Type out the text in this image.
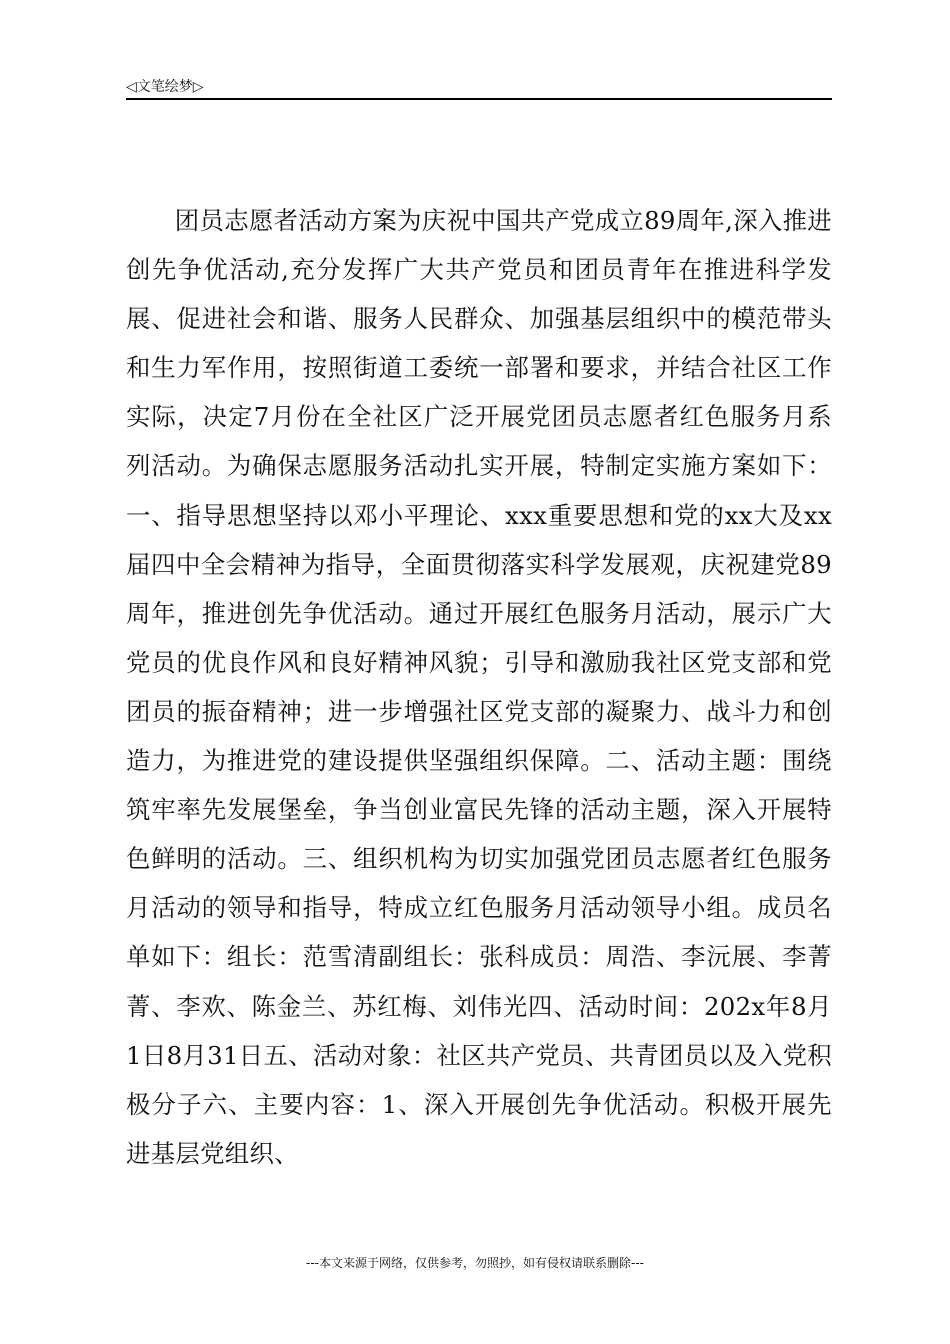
◁文笔绘梦▷

团员志愿者活动方案为庆祝中国共产党成立89周年,深入推进创先争优活动,充分发挥广大共产党员和团员青年在推进科学发展、促进社会和谐、服务人民群众、加强基层组织中的模范带头和生力军作用，按照街道工委统一部署和要求，并结合社区工作实际，决定7月份在全社区广泛开展党团员志愿者红色服务月系列活动。为确保志愿服务活动扎实开展，特制定实施方案如下：一、指导思想坚持以邓小平理论、xxx重要思想和党的xx大及xx届四中全会精神为指导，全面贯彻落实科学发展观，庆祝建党89周年，推进创先争优活动。通过开展红色服务月活动，展示广大党员的优良作风和良好精神风貌；引导和激励我社区党支部和党团员的振奋精神；进一步增强社区党支部的凝聚力、战斗力和创造力，为推进党的建设提供坚强组织保障。二、活动主题：围绕筑牢率先发展堡垒，争当创业富民先锋的活动主题，深入开展特色鲜明的活动。三、组织机构为切实加强党团员志愿者红色服务月活动的领导和指导，特成立红色服务月活动领导小组。成员名单如下：组长：范雪清副组长：张科成员：周浩、李沅展、李菁菁、李欢、陈金兰、苏红梅、刘伟光四、活动时间：202x年8月1日8月31日五、活动对象：社区共产党员、共青团员以及入党积极分子六、主要内容：1、深入开展创先争优活动。积极开展先进基层党组织、

---本文来源于网络，仅供参考，勿照抄，如有侵权请联系删除---
